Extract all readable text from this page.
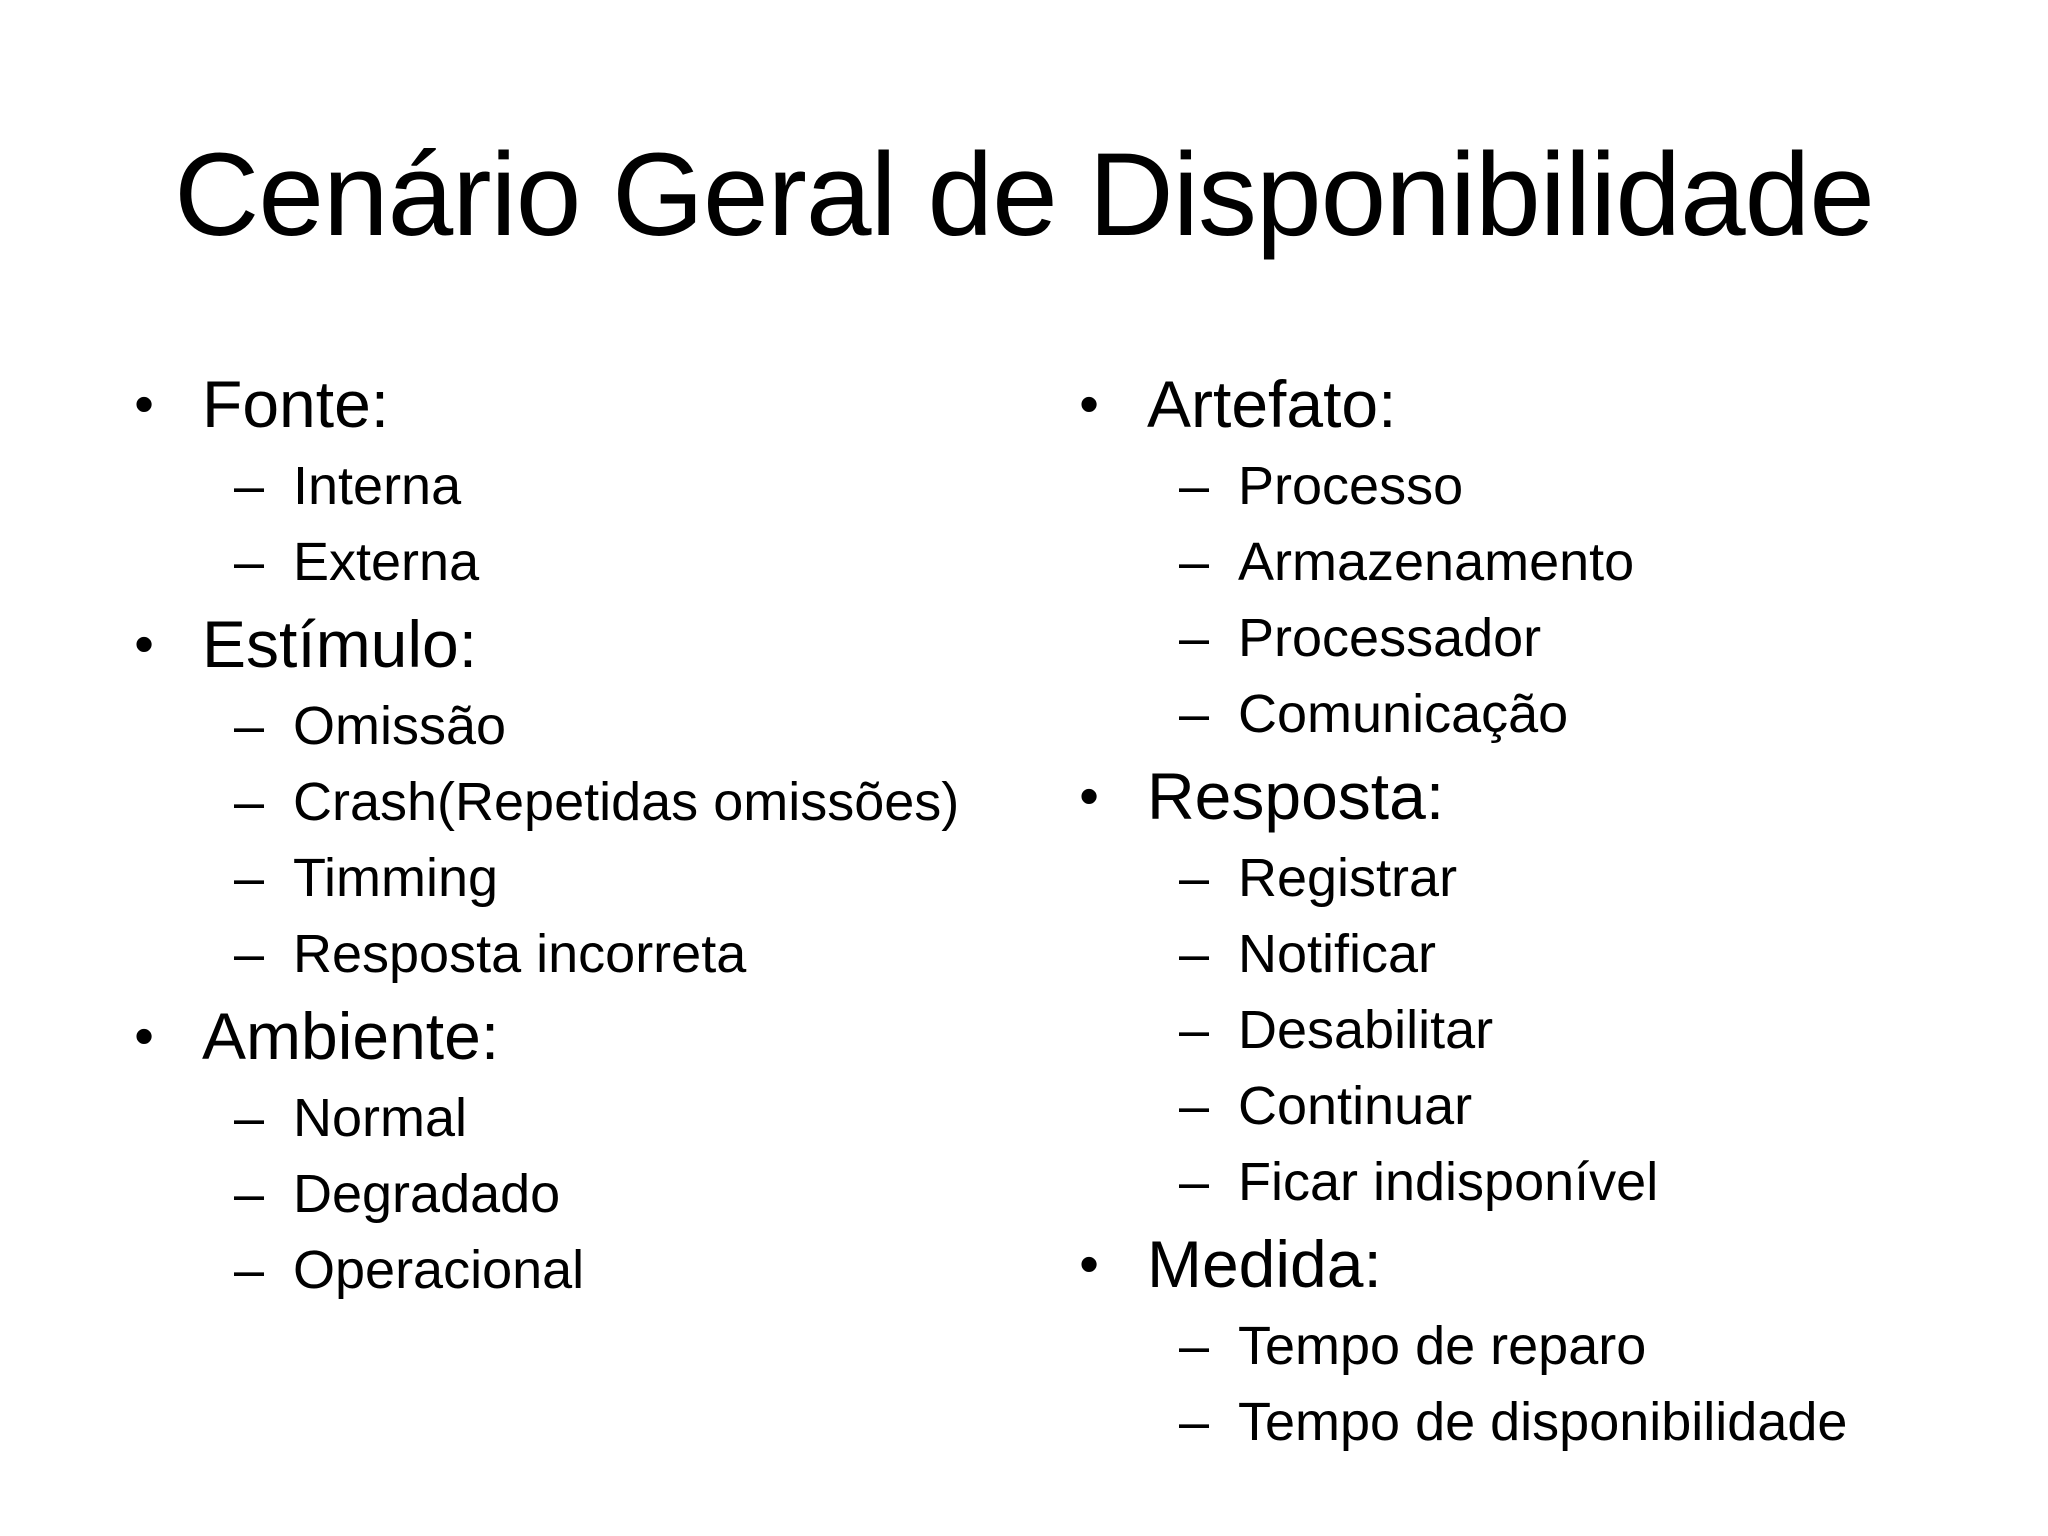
Cenário Geral de Disponibilidade
• Fonte:
– Interna
– Externa
• Estímulo:
– Omissão
– Crash(Repetidas omissões)
– Timming
– Resposta incorreta
• Ambiente:
– Normal
– Degradado
– Operacional
• Artefato:
– Processo
– Armazenamento
– Processador
– Comunicação
• Resposta:
– Registrar
– Notificar
– Desabilitar
– Continuar
– Ficar indisponível
• Medida:
– Tempo de reparo
– Tempo de disponibilidade
